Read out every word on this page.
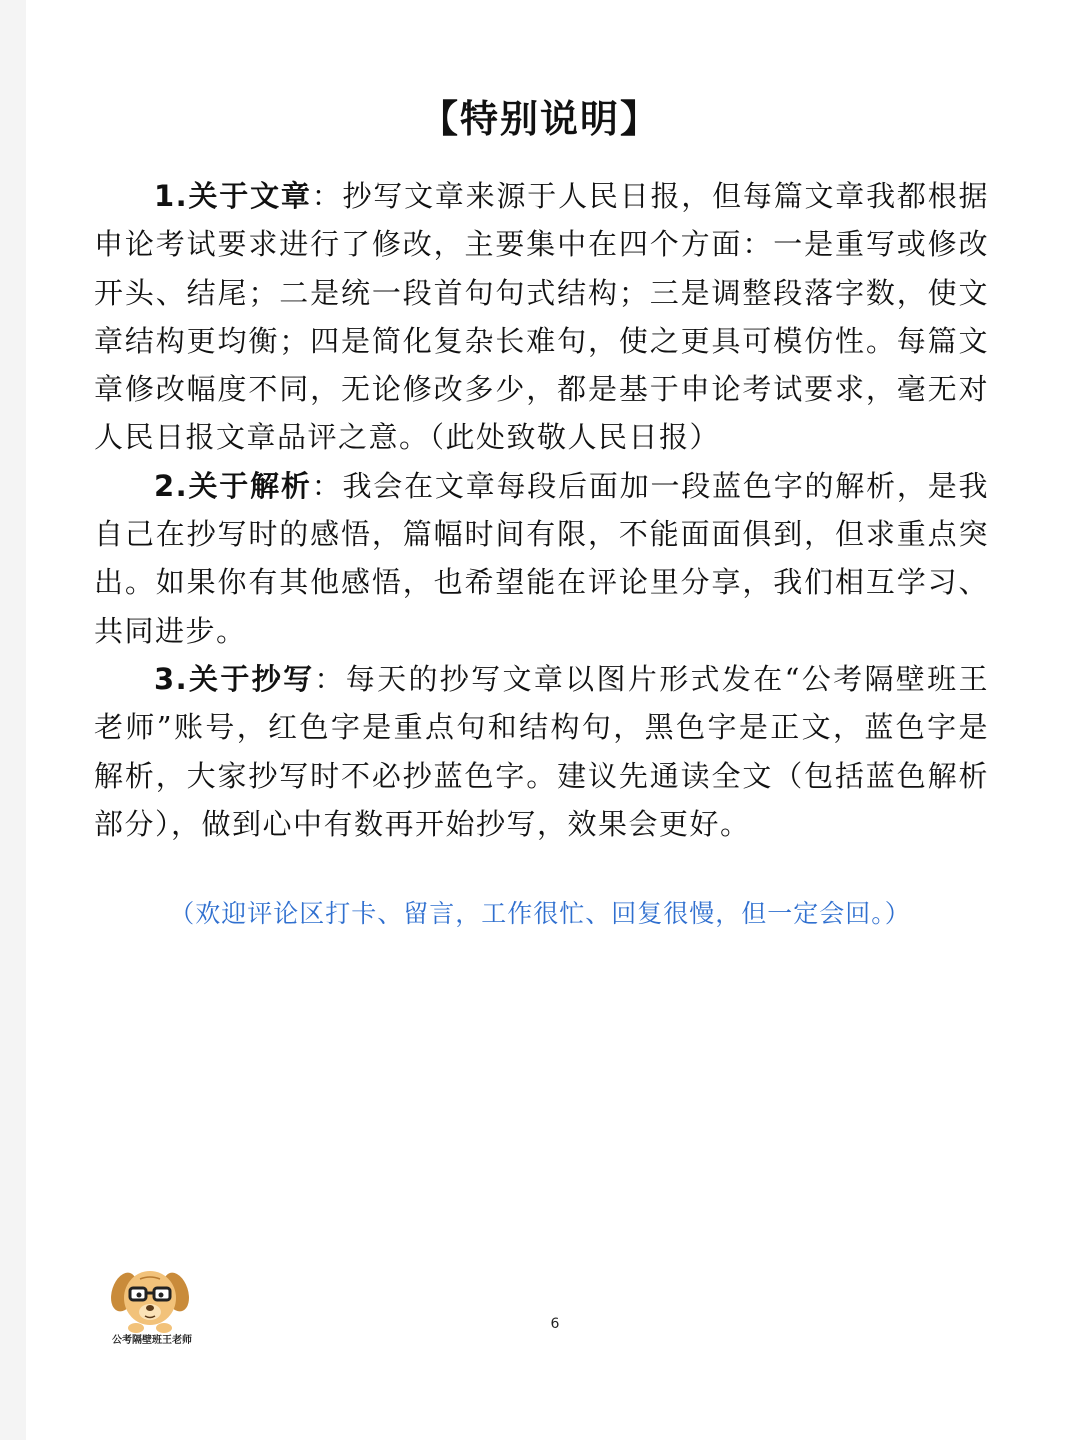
【特别说明】

1.关于文章：抄写文章来源于人民日报，但每篇文章我都根据申论考试要求进行了修改，主要集中在四个方面：一是重写或修改开头、结尾；二是统一段首句句式结构；三是调整段落字数，使文章结构更均衡；四是简化复杂长难句，使之更具可模仿性。每篇文章修改幅度不同，无论修改多少，都是基于申论考试要求，毫无对人民日报文章品评之意。（此处致敬人民日报）

2.关于解析：我会在文章每段后面加一段蓝色字的解析，是我自己在抄写时的感悟，篇幅时间有限，不能面面俱到，但求重点突出。如果你有其他感悟，也希望能在评论里分享，我们相互学习、共同进步。

3.关于抄写：每天的抄写文章以图片形式发在“公考隔壁班王老师”账号，红色字是重点句和结构句，黑色字是正文，蓝色字是解析，大家抄写时不必抄蓝色字。建议先通读全文（包括蓝色解析部分），做到心中有数再开始抄写，效果会更好。

（欢迎评论区打卡、留言，工作很忙、回复很慢，但一定会回。）
公考隔壁班王老师
6
